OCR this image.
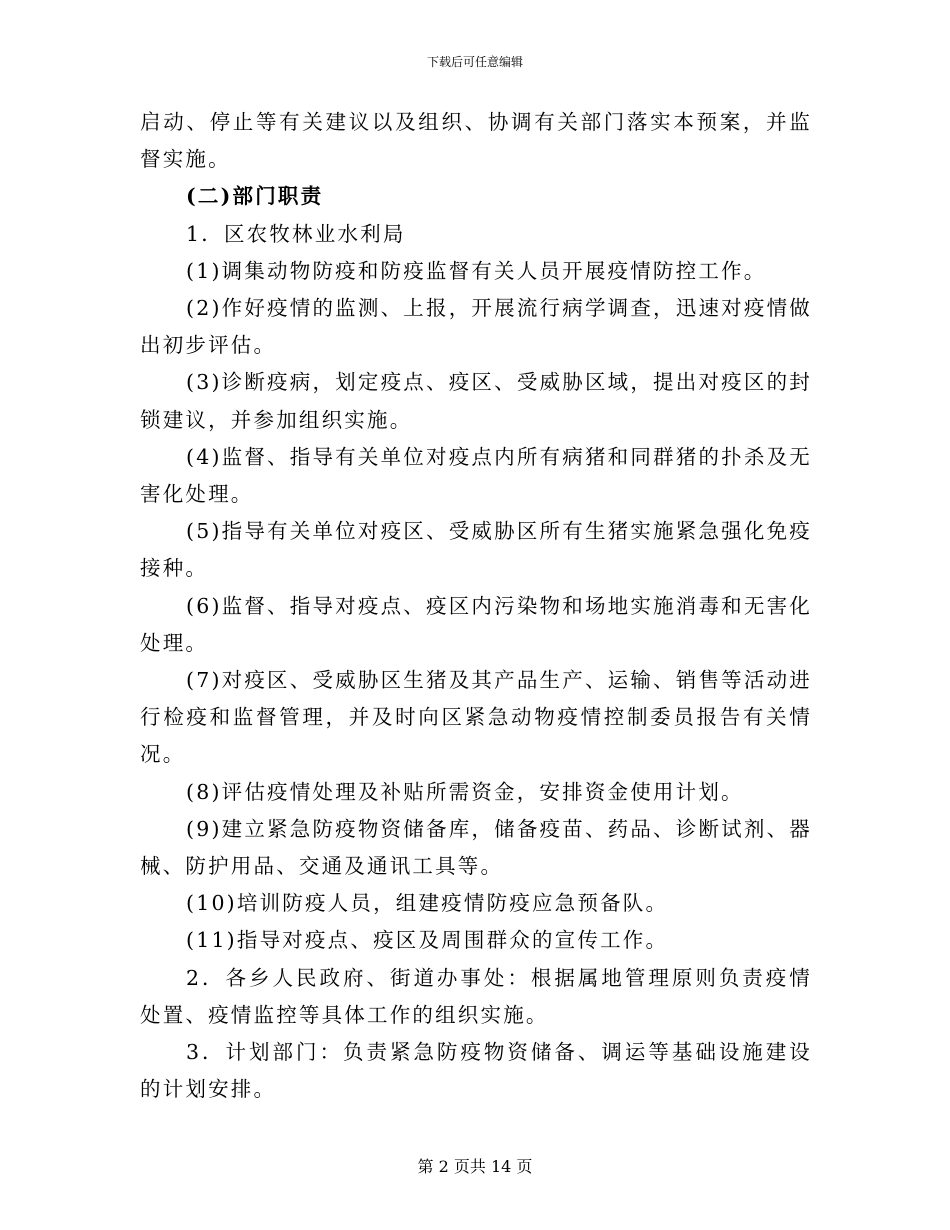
下载后可任意编辑

启动、停止等有关建议以及组织、协调有关部门落实本预案，并监督实施。

(二)部门职责

1．区农牧林业水利局

(1)调集动物防疫和防疫监督有关人员开展疫情防控工作。

(2)作好疫情的监测、上报，开展流行病学调查，迅速对疫情做出初步评估。

(3)诊断疫病，划定疫点、疫区、受威胁区域，提出对疫区的封锁建议，并参加组织实施。

(4)监督、指导有关单位对疫点内所有病猪和同群猪的扑杀及无害化处理。

(5)指导有关单位对疫区、受威胁区所有生猪实施紧急强化免疫接种。

(6)监督、指导对疫点、疫区内污染物和场地实施消毒和无害化处理。

(7)对疫区、受威胁区生猪及其产品生产、运输、销售等活动进行检疫和监督管理，并及时向区紧急动物疫情控制委员报告有关情况。

(8)评估疫情处理及补贴所需资金，安排资金使用计划。

(9)建立紧急防疫物资储备库，储备疫苗、药品、诊断试剂、器械、防护用品、交通及通讯工具等。

(10)培训防疫人员，组建疫情防疫应急预备队。

(11)指导对疫点、疫区及周围群众的宣传工作。

2．各乡人民政府、街道办事处：根据属地管理原则负责疫情处置、疫情监控等具体工作的组织实施。

3．计划部门：负责紧急防疫物资储备、调运等基础设施建设的计划安排。

第 2 页共 14 页
